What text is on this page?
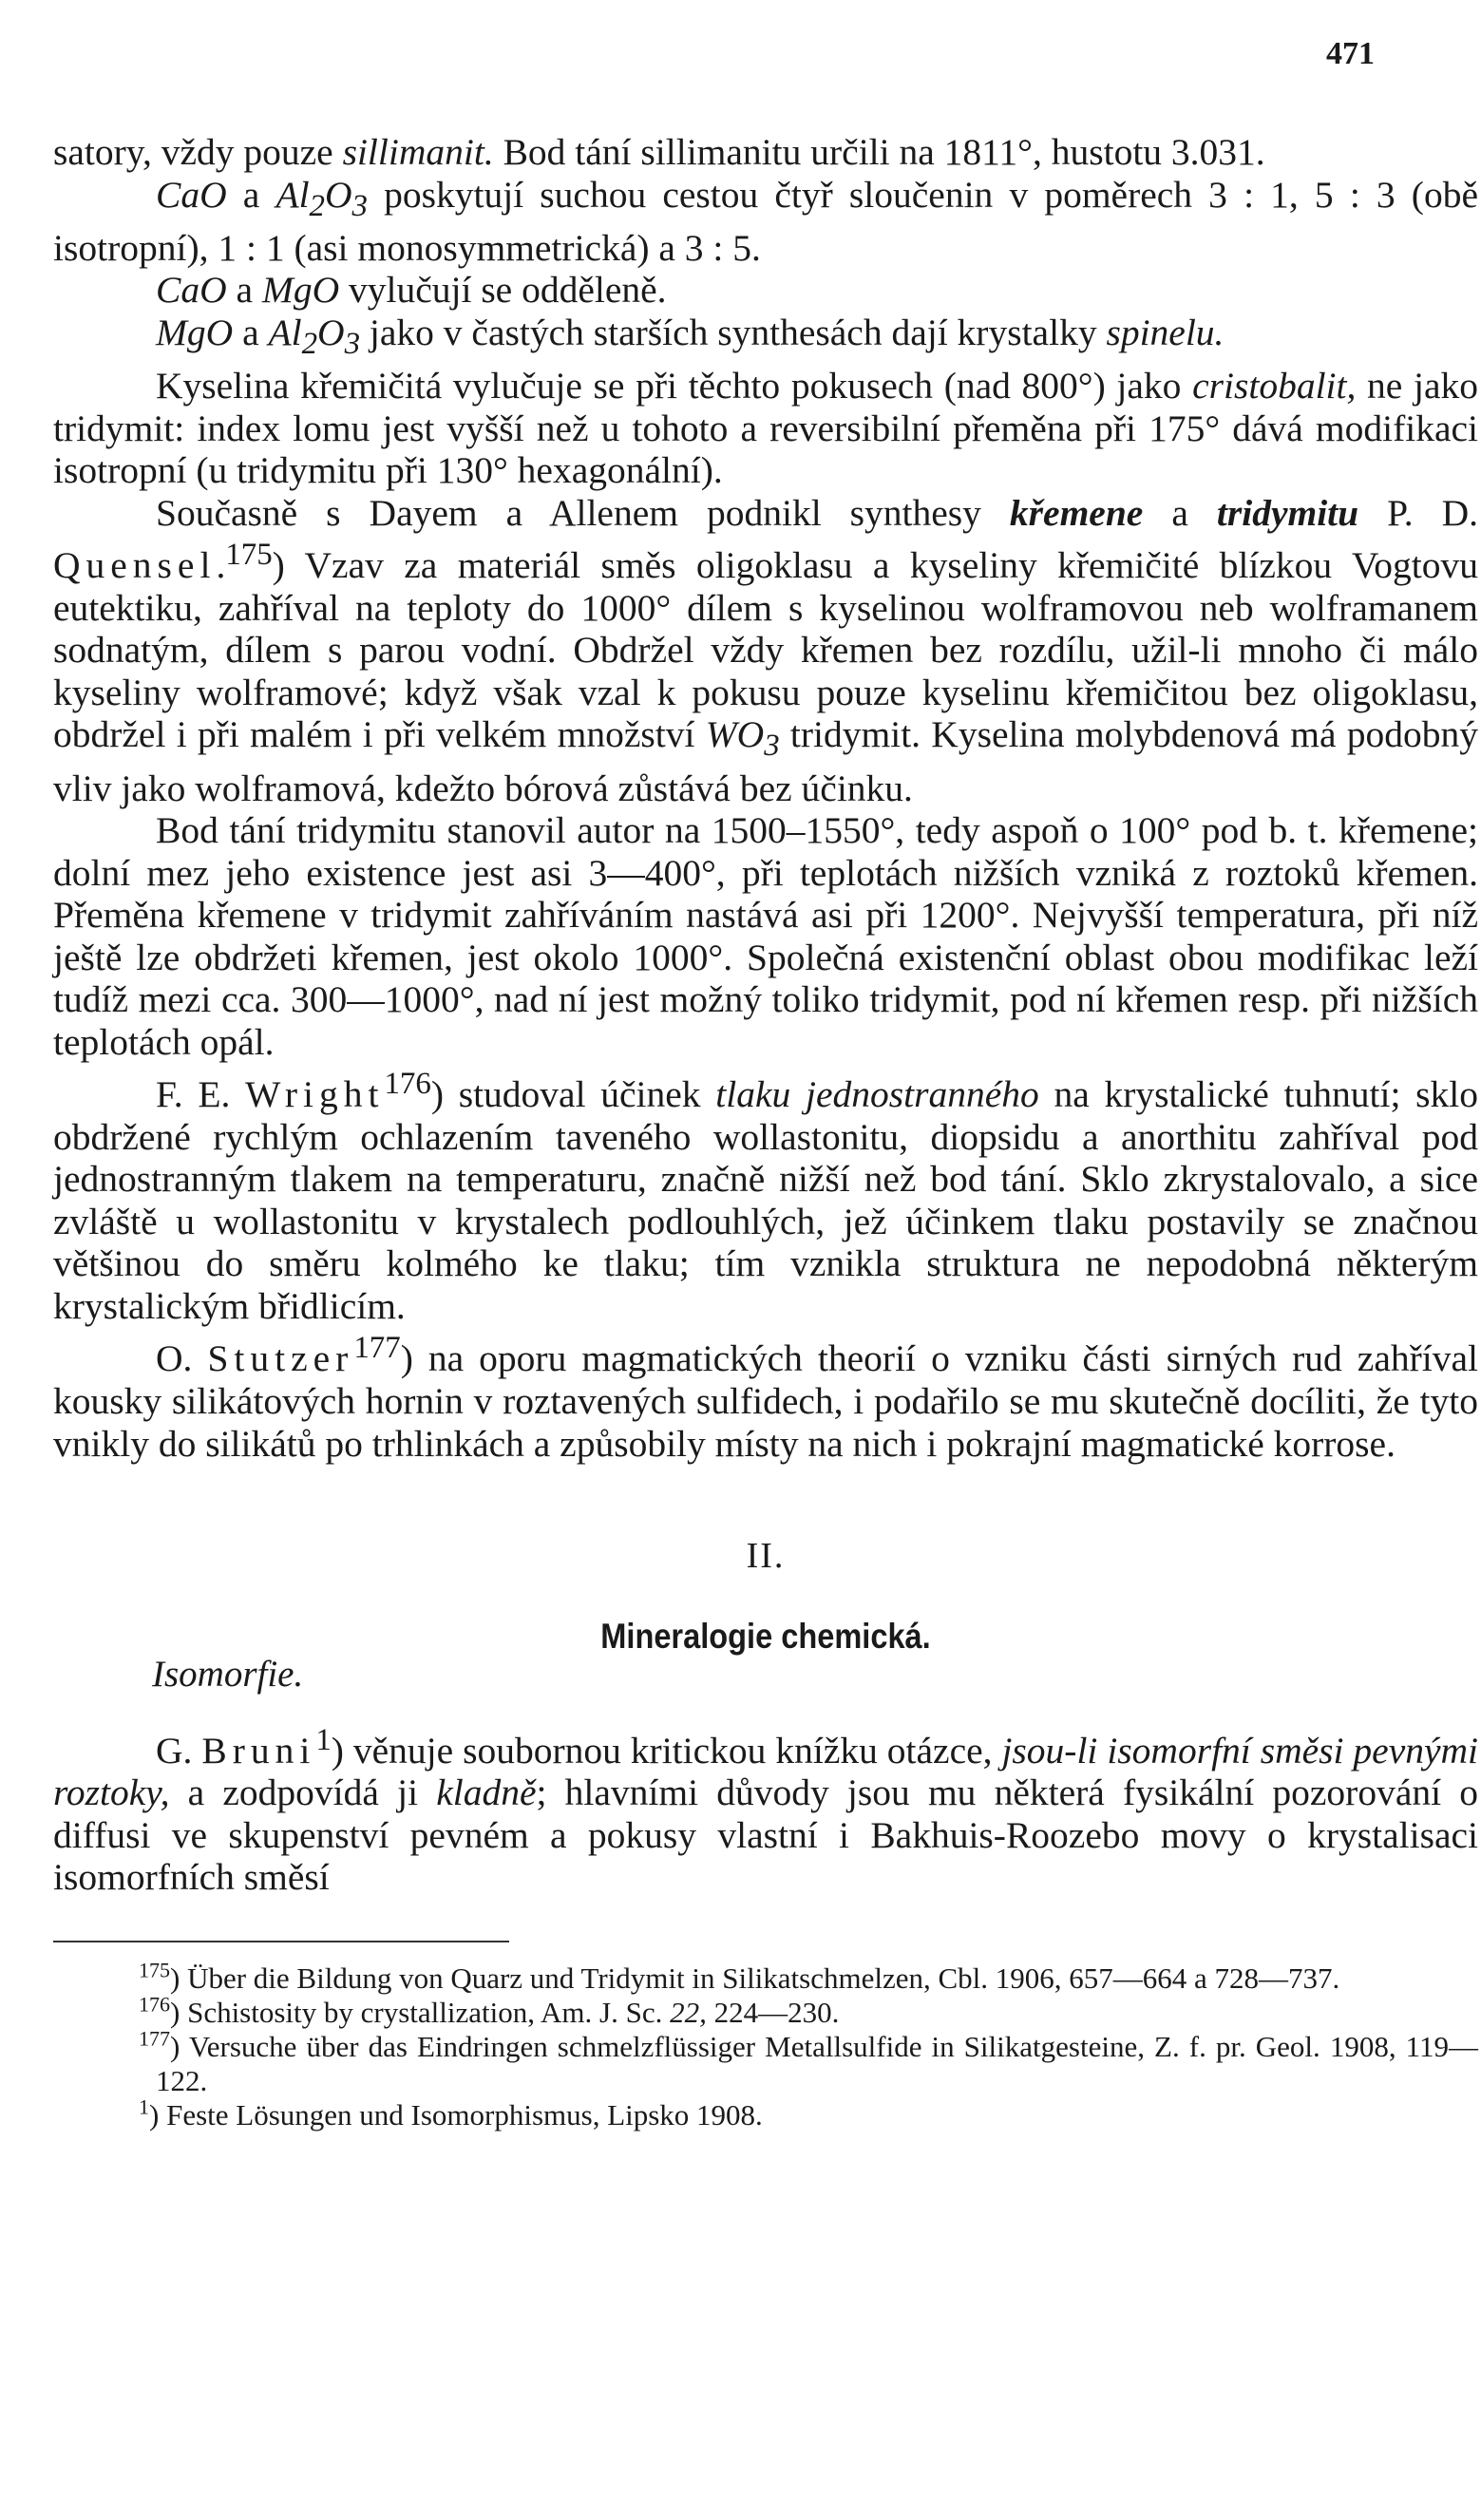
471

satory, vždy pouze sillimanit. Bod tání sillimanitu určili na 1811°, hustotu 3.031.

CaO a $Al_2O_3$ poskytují suchou cestou čtyř sloučenin v poměrech 3 : 1, 5 : 3 (obě isotropní), 1 : 1 (asi monosymmetrická) a 3 : 5.

CaO a MgO vylučují se odděleně.

MgO a $Al_2O_3$ jako v častých starších synthesách dají krystalky spinelu.

Kyselina křemičitá vylučuje se při těchto pokusech (nad 800°) jako cristobalit, ne jako tridymit: index lomu jest vyšší než u tohoto a reversibilní přeměna při 175° dává modifikaci isotropní (u tridymitu při 130° hexagonální).

Současně s Dayem a Allenem podnikl synthesy křemene a tridymitu P. D. Quensel.$^{175}$) Vzav za materiál směs oligoklasu a kyseliny křemičité blízkou Vogtovu eutektiku, zahříval na teploty do 1000° dílem s kyselinou wolframovou neb wolframanem sodnatým, dílem s parou vodní. Obdržel vždy křemen bez rozdílu, užil-li mnoho či málo kyseliny wolframové; když však vzal k pokusu pouze kyselinu křemičitou bez oligoklasu, obdržel i při malém i při velkém množství $WO_3$ tridymit. Kyselina molybdenová má podobný vliv jako wolframová, kdežto bórová zůstává bez účinku.

Bod tání tridymitu stanovil autor na 1500–1550°, tedy aspoň o 100° pod b. t. křemene; dolní mez jeho existence jest asi 3—400°, při teplotách nižších vzniká z roztoků křemen. Přeměna křemene v tridymit zahříváním nastává asi při 1200°. Nejvyšší temperatura, při níž ještě lze obdržeti křemen, jest okolo 1000°. Společná existenční oblast obou modifikac leží tudíž mezi cca. 300—1000°, nad ní jest možný toliko tridymit, pod ní křemen resp. při nižších teplotách opál.

F. E. Wright$^{176}$) studoval účinek tlaku jednostranného na krystalické tuhnutí; sklo obdržené rychlým ochlazením taveného wollastonitu, diopsidu a anorthitu zahříval pod jednostranným tlakem na temperaturu, značně nižší než bod tání. Sklo zkrystalovalo, a sice zvláště u wollastonitu v krystalech podlouhlých, jež účinkem tlaku postavily se značnou většinou do směru kolmého ke tlaku; tím vznikla struktura ne nepodobná některým krystalickým břidlicím.

O. Stutzer$^{177}$) na oporu magmatických theorií o vzniku části sirných rud zahříval kousky silikátových hornin v roztavených sulfidech, i podařilo se mu skutečně docíliti, že tyto vnikly do silikátů po trhlinkách a způsobily místy na nich i pokrajní magmatické korrose.

II.
Mineralogie chemická.
Isomorfie.

G. Bruni$^1$) věnuje soubornou kritickou knížku otázce, jsou-li isomorfní směsi pevnými roztoky, a zodpovídá ji kladně; hlavními důvody jsou mu některá fysikální pozorování o diffusi ve skupenství pevném a pokusy vlastní i Bakhuis-Roozebo movy o krystalisaci isomorfních směsí

$^{175}$) Über die Bildung von Quarz und Tridymit in Silikatschmelzen, Cbl. 1906, 657—664 a 728—737.

$^{176}$) Schistosity by crystallization, Am. J. Sc. 22, 224—230.

$^{177}$) Versuche über das Eindringen schmelzflüssiger Metallsulfide in Silikatgesteine, Z. f. pr. Geol. 1908, 119—122.

$^1$) Feste Lösungen und Isomorphismus, Lipsko 1908.
